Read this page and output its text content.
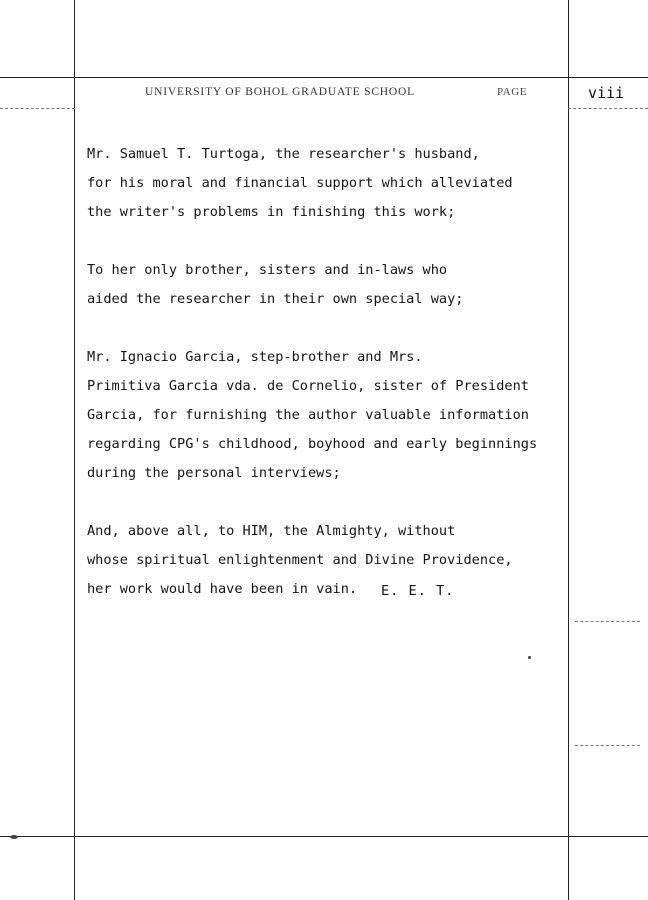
UNIVERSITY OF BOHOL GRADUATE SCHOOL	PAGE	viii

Mr. Samuel T. Turtoga, the researcher's husband,
for his moral and financial support which alleviated
the writer's problems in finishing this work;

To her only brother, sisters and in-laws who
aided the researcher in their own special way;

Mr. Ignacio Garcia, step-brother and Mrs.
Primitiva Garcia vda. de Cornelio, sister of President
Garcia, for furnishing the author valuable information
regarding CPG's childhood, boyhood and early beginnings
during the personal interviews;

And, above all, to HIM, the Almighty, without
whose spiritual enlightenment and Divine Providence,
her work would have been in vain.	E. E. T.
